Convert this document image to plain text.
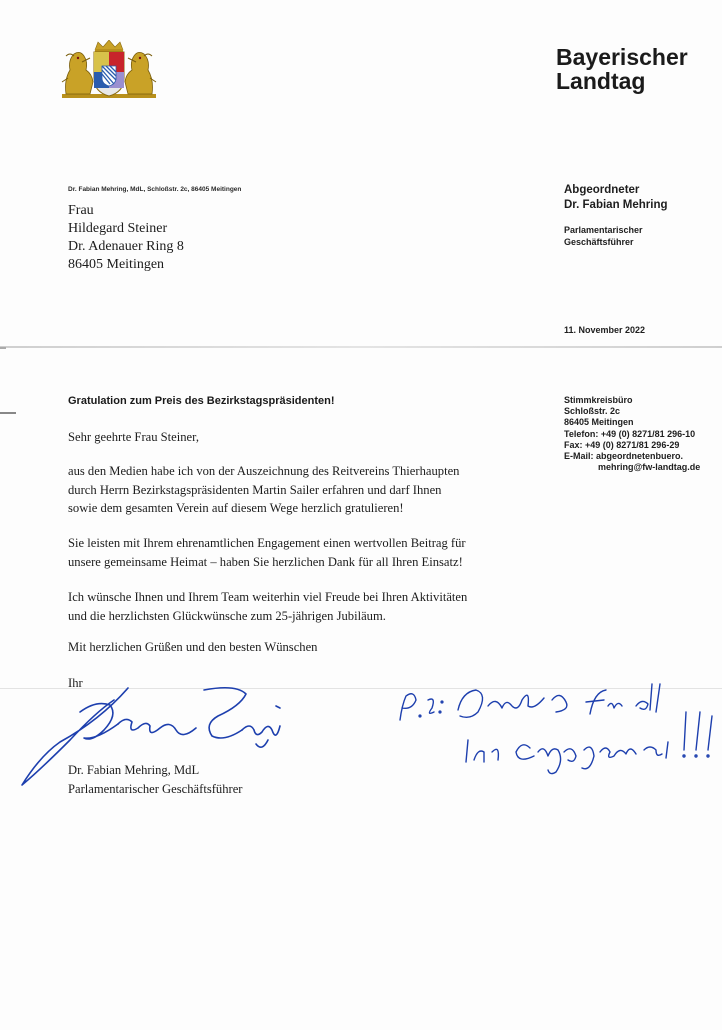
Bayerischer
Landtag
Dr. Fabian Mehring, MdL, Schloßstr. 2c, 86405 Meitingen
Frau
Hildegard Steiner
Dr. Adenauer Ring 8
86405 Meitingen
Abgeordneter
Dr. Fabian Mehring
Parlamentarischer
Geschäftsführer
11. November 2022
Stimmkreisbüro
Schloßstr. 2c
86405 Meitingen
Telefon: +49 (0) 8271/81 296-10
Fax: +49 (0) 8271/81 296-29
E-Mail: abgeordnetenbuero.
mehring@fw-landtag.de
Gratulation zum Preis des Bezirkstagspräsidenten!
Sehr geehrte Frau Steiner,
aus den Medien habe ich von der Auszeichnung des Reitvereins Thierhaupten
durch Herrn Bezirkstagspräsidenten Martin Sailer erfahren und darf Ihnen
sowie dem gesamten Verein auf diesem Wege herzlich gratulieren!
Sie leisten mit Ihrem ehrenamtlichen Engagement einen wertvollen Beitrag für
unsere gemeinsame Heimat – haben Sie herzlichen Dank für all Ihren Einsatz!
Ich wünsche Ihnen und Ihrem Team weiterhin viel Freude bei Ihren Aktivitäten
und die herzlichsten Glückwünsche zum 25-jährigen Jubiläum.
Mit herzlichen Grüßen und den besten Wünschen
Ihr
Dr. Fabian Mehring, MdL
Parlamentarischer Geschäftsführer
